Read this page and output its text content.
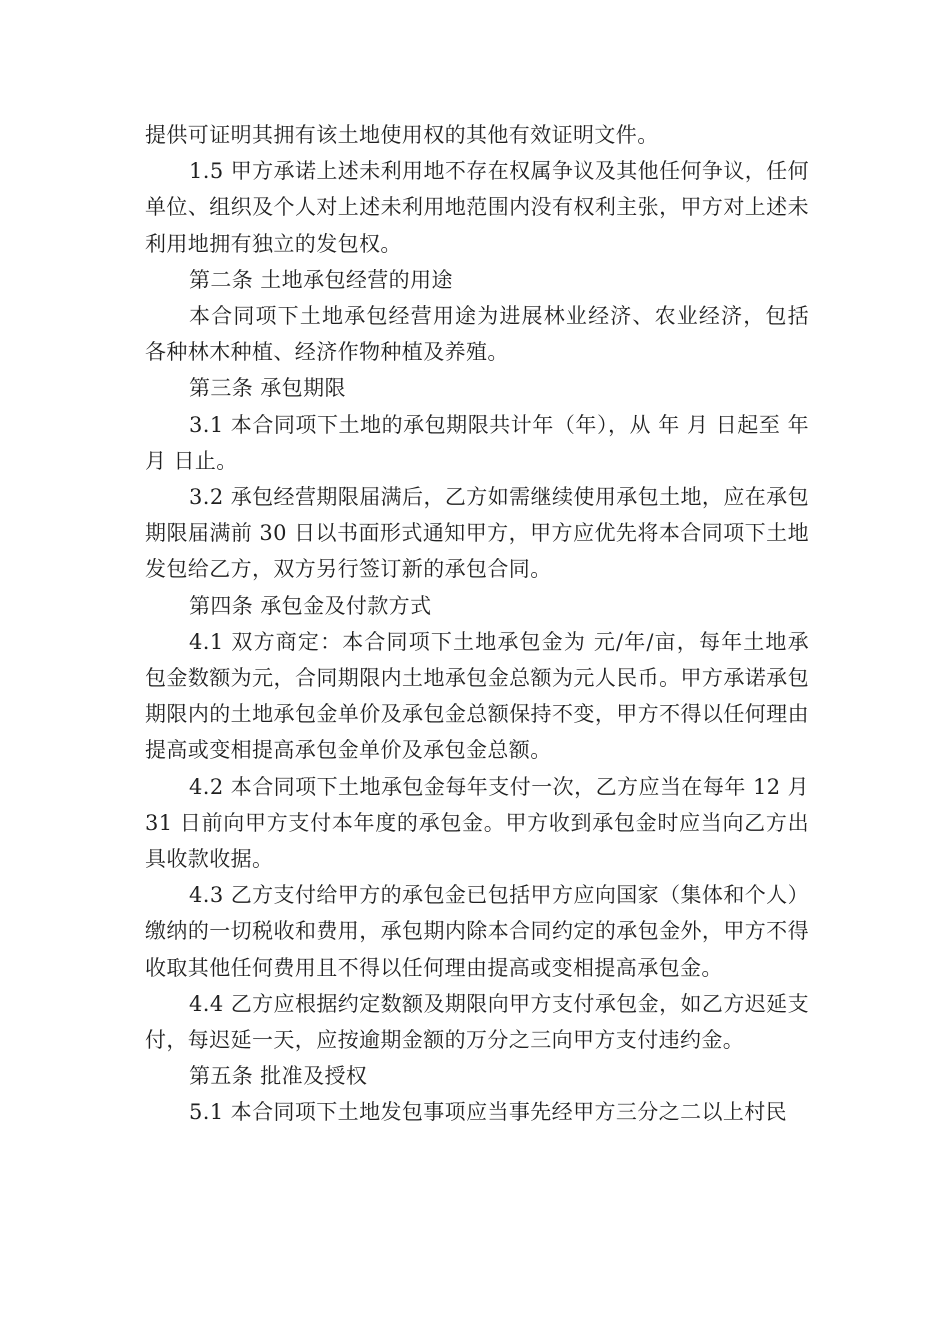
提供可证明其拥有该土地使用权的其他有效证明文件。

1.5 甲方承诺上述未利用地不存在权属争议及其他任何争议，任何单位、组织及个人对上述未利用地范围内没有权利主张，甲方对上述未利用地拥有独立的发包权。

第二条 土地承包经营的用途

本合同项下土地承包经营用途为进展林业经济、农业经济，包括各种林木种植、经济作物种植及养殖。

第三条 承包期限

3.1 本合同项下土地的承包期限共计年（年），从 年 月 日起至 年 月 日止。

3.2 承包经营期限届满后，乙方如需继续使用承包土地，应在承包期限届满前 30 日以书面形式通知甲方，甲方应优先将本合同项下土地发包给乙方，双方另行签订新的承包合同。

第四条 承包金及付款方式

4.1 双方商定：本合同项下土地承包金为 元/年/亩，每年土地承包金数额为元，合同期限内土地承包金总额为元人民币。甲方承诺承包期限内的土地承包金单价及承包金总额保持不变，甲方不得以任何理由提高或变相提高承包金单价及承包金总额。

4.2 本合同项下土地承包金每年支付一次，乙方应当在每年 12 月 31 日前向甲方支付本年度的承包金。甲方收到承包金时应当向乙方出具收款收据。

4.3 乙方支付给甲方的承包金已包括甲方应向国家（集体和个人）缴纳的一切税收和费用，承包期内除本合同约定的承包金外，甲方不得收取其他任何费用且不得以任何理由提高或变相提高承包金。

4.4 乙方应根据约定数额及期限向甲方支付承包金，如乙方迟延支付，每迟延一天，应按逾期金额的万分之三向甲方支付违约金。

第五条 批准及授权

5.1 本合同项下土地发包事项应当事先经甲方三分之二以上村民
